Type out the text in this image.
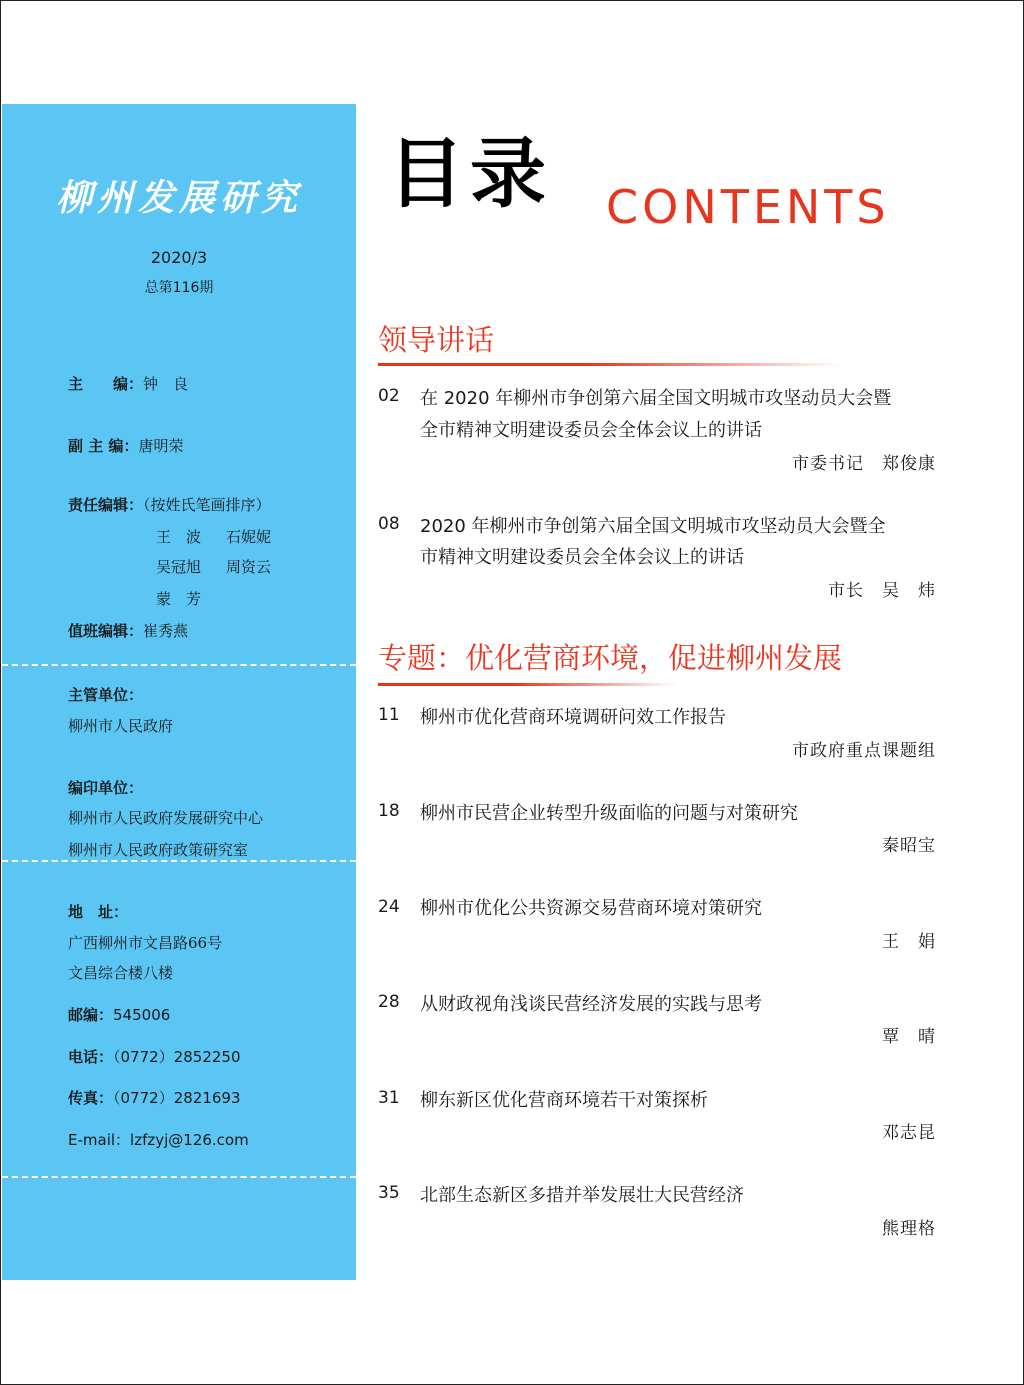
柳州发展研究
2020/3
总第116期
主　　编：钟　良
副 主 编：唐明荣
责任编辑：（按姓氏笔画排序）
王　波 石妮妮
吴冠旭 周资云
蒙　芳
值班编辑：崔秀燕
主管单位：
柳州市人民政府
编印单位：
柳州市人民政府发展研究中心
柳州市人民政府政策研究室
地　址：
广西柳州市文昌路66号
文昌综合楼八楼
邮编：545006
电话：（0772）2852250
传真：（0772）2821693
E-mail：lzfzyj@126.com
目录 CONTENTS
领导讲话
02 在 2020 年柳州市争创第六届全国文明城市攻坚动员大会暨
全市精神文明建设委员会全体会议上的讲话
市委书记　郑俊康
08 2020 年柳州市争创第六届全国文明城市攻坚动员大会暨全
市精神文明建设委员会全体会议上的讲话
市长　吴　炜
专题：优化营商环境，促进柳州发展
11 柳州市优化营商环境调研问效工作报告
市政府重点课题组
18 柳州市民营企业转型升级面临的问题与对策研究
秦昭宝
24 柳州市优化公共资源交易营商环境对策研究
王　娟
28 从财政视角浅谈民营经济发展的实践与思考
覃　晴
31 柳东新区优化营商环境若干对策探析
邓志昆
35 北部生态新区多措并举发展壮大民营经济
熊理格
